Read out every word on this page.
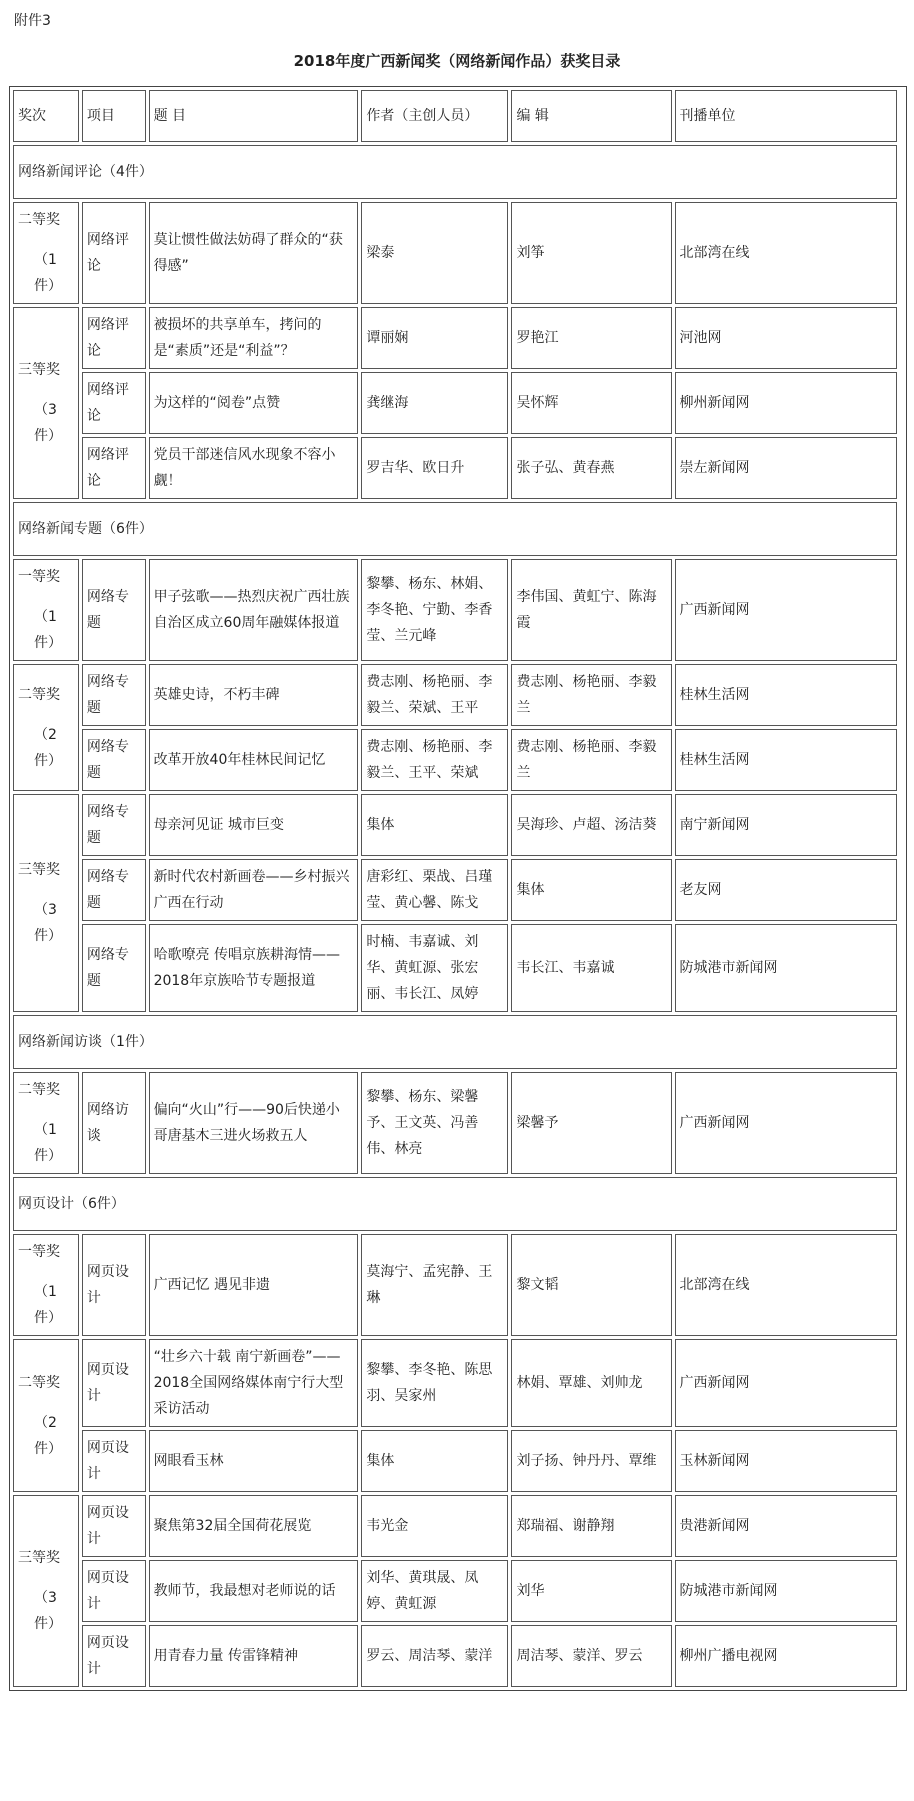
附件3
2018年度广西新闻奖（网络新闻作品）获奖目录
奖次	项目	题 目	作者（主创人员）	编 辑	刊播单位
网络新闻评论（4件）					
二等奖
（1件）	网络评论	莫让惯性做法妨碍了群众的“获得感”	梁泰	刘筝	北部湾在线
三等奖
（3件）	网络评论	被损坏的共享单车，拷问的是“素质”还是“利益”？	谭丽娴	罗艳江	河池网
	网络评论	为这样的“阅卷”点赞	龚继海	吴怀辉	柳州新闻网
	网络评论	党员干部迷信风水现象不容小觑！	罗吉华、欧日升	张子弘、黄春燕	崇左新闻网
网络新闻专题（6件）					
一等奖
（1件）	网络专题	甲子弦歌——热烈庆祝广西壮族自治区成立60周年融媒体报道	黎攀、杨东、林娟、李冬艳、宁勤、李香莹、兰元峰	李伟国、黄虹宁、陈海霞	广西新闻网
二等奖
（2件）	网络专题	英雄史诗，不朽丰碑	费志刚、杨艳丽、李毅兰、荣斌、王平	费志刚、杨艳丽、李毅兰	桂林生活网
	网络专题	改革开放40年桂林民间记忆	费志刚、杨艳丽、李毅兰、王平、荣斌	费志刚、杨艳丽、李毅兰	桂林生活网
三等奖
（3件）	网络专题	母亲河见证 城市巨变	集体	吴海珍、卢超、汤洁葵	南宁新闻网
	网络专题	新时代农村新画卷——乡村振兴广西在行动	唐彩红、栗战、吕瑾莹、黄心馨、陈戈	集体	老友网
	网络专题	哈歌嘹亮 传唱京族耕海情——2018年京族哈节专题报道	时楠、韦嘉诚、刘华、黄虹源、张宏丽、韦长江、凤婷	韦长江、韦嘉诚	防城港市新闻网
网络新闻访谈（1件）					
二等奖
（1件）	网络访谈	偏向“火山”行——90后快递小哥唐基木三进火场救五人	黎攀、杨东、梁馨予、王文英、冯善伟、林亮	梁馨予	广西新闻网
网页设计（6件）					
一等奖
（1件）	网页设计	广西记忆 遇见非遗	莫海宁、孟宪静、王琳	黎文韬	北部湾在线
二等奖
（2件）	网页设计	“壮乡六十载 南宁新画卷”——2018全国网络媒体南宁行大型采访活动	黎攀、李冬艳、陈思羽、吴家州	林娟、覃雄、刘帅龙	广西新闻网
	网页设计	网眼看玉林	集体	刘子扬、钟丹丹、覃维	玉林新闻网
三等奖
（3件）	网页设计	聚焦第32届全国荷花展览	韦光金	郑瑞福、谢静翔	贵港新闻网
	网页设计	教师节，我最想对老师说的话	刘华、黄琪晟、凤婷、黄虹源	刘华	防城港市新闻网
	网页设计	用青春力量 传雷锋精神	罗云、周洁琴、蒙洋	周洁琴、蒙洋、罗云	柳州广播电视网
